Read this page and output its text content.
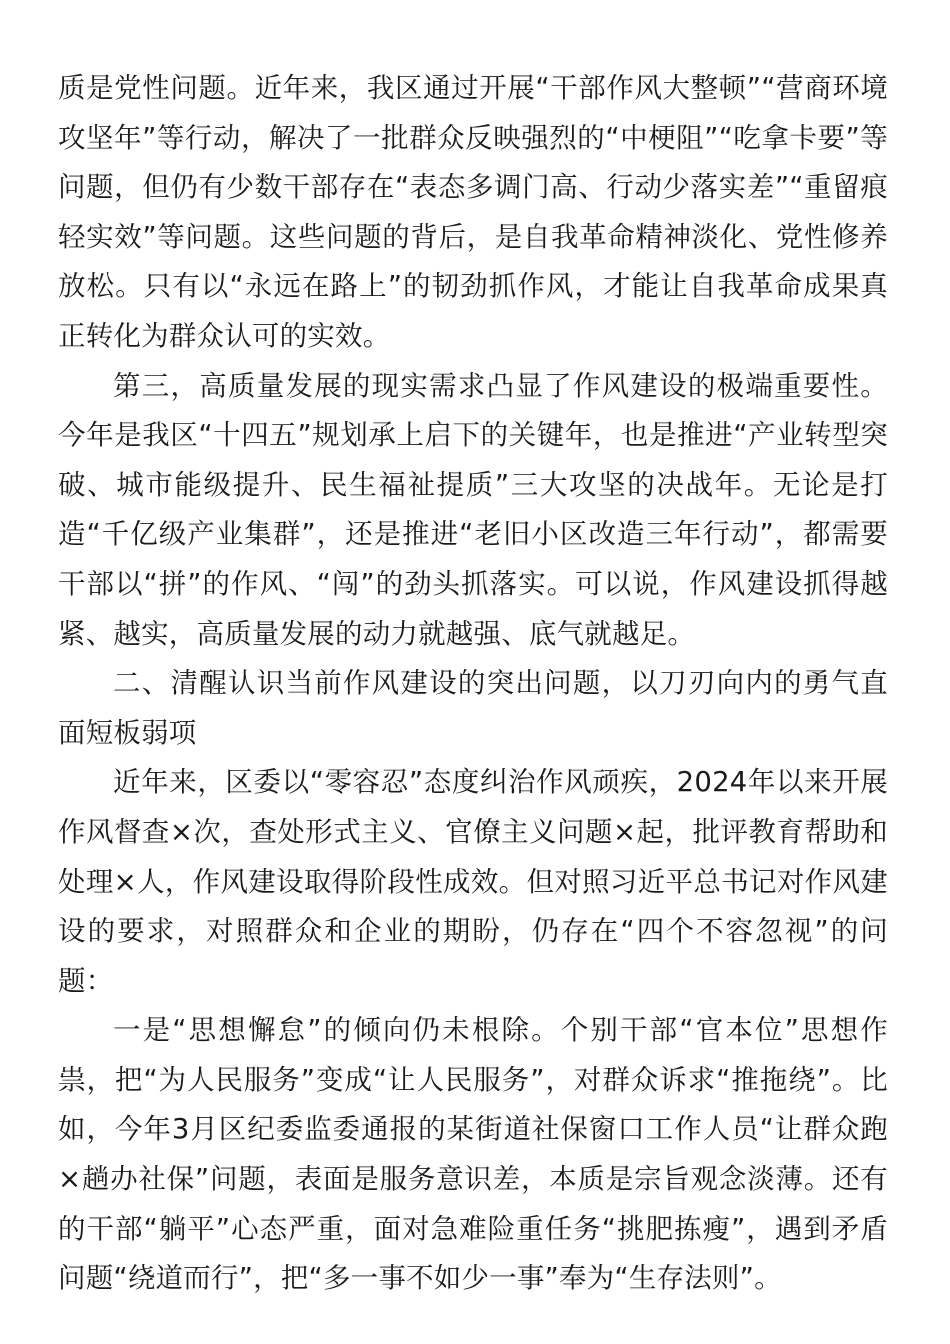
质是党性问题。近年来，我区通过开展“干部作风大整顿”“营商环境攻坚年”等行动，解决了一批群众反映强烈的“中梗阻”“吃拿卡要”等问题，但仍有少数干部存在“表态多调门高、行动少落实差”“重留痕轻实效”等问题。这些问题的背后，是自我革命精神淡化、党性修养放松。只有以“永远在路上”的韧劲抓作风，才能让自我革命成果真正转化为群众认可的实效。

第三，高质量发展的现实需求凸显了作风建设的极端重要性。今年是我区“十四五”规划承上启下的关键年，也是推进“产业转型突破、城市能级提升、民生福祉提质”三大攻坚的决战年。无论是打造“千亿级产业集群”，还是推进“老旧小区改造三年行动”，都需要干部以“拼”的作风、“闯”的劲头抓落实。可以说，作风建设抓得越紧、越实，高质量发展的动力就越强、底气就越足。

二、清醒认识当前作风建设的突出问题，以刀刃向内的勇气直面短板弱项

近年来，区委以“零容忍”态度纠治作风顽疾，2024年以来开展作风督查×次，查处形式主义、官僚主义问题×起，批评教育帮助和处理×人，作风建设取得阶段性成效。但对照习近平总书记对作风建设的要求，对照群众和企业的期盼，仍存在“四个不容忽视”的问题：

一是“思想懈怠”的倾向仍未根除。个别干部“官本位”思想作祟，把“为人民服务”变成“让人民服务”，对群众诉求“推拖绕”。比如，今年3月区纪委监委通报的某街道社保窗口工作人员“让群众跑×趟办社保”问题，表面是服务意识差，本质是宗旨观念淡薄。还有的干部“躺平”心态严重，面对急难险重任务“挑肥拣瘦”，遇到矛盾问题“绕道而行”，把“多一事不如少一事”奉为“生存法则”。
